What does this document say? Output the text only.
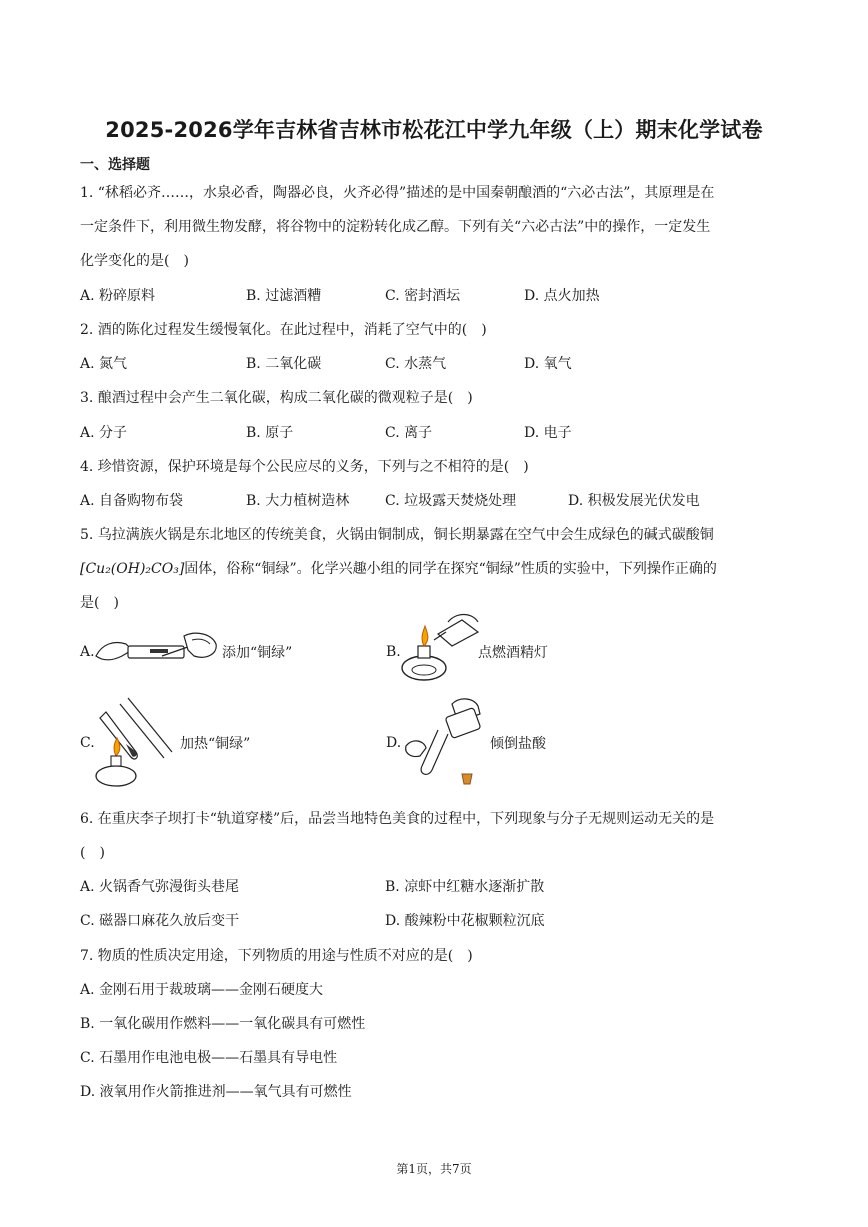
2025-2026学年吉林省吉林市松花江中学九年级（上）期末化学试卷
一、选择题
1. “秫稻必齐……，水泉必香，陶器必良，火齐必得”描述的是中国秦朝酿酒的“六必古法”，其原理是在
一定条件下，利用微生物发酵，将谷物中的淀粉转化成乙醇。下列有关“六必古法”中的操作，一定发生
化学变化的是(　)
A. 粉碎原料	B. 过滤酒糟	C. 密封酒坛	D. 点火加热
2. 酒的陈化过程发生缓慢氧化。在此过程中，消耗了空气中的(　)
A. 氮气	B. 二氧化碳	C. 水蒸气	D. 氧气
3. 酿酒过程中会产生二氧化碳，构成二氧化碳的微观粒子是(　)
A. 分子	B. 原子	C. 离子	D. 电子
4. 珍惜资源，保护环境是每个公民应尽的义务，下列与之不相符的是(　)
A. 自备购物布袋	B. 大力植树造林	C. 垃圾露天焚烧处理	D. 积极发展光伏发电
5. 乌拉满族火锅是东北地区的传统美食，火锅由铜制成，铜长期暴露在空气中会生成绿色的碱式碳酸铜
[Cu₂(OH)₂CO₃]固体，俗称“铜绿”。化学兴趣小组的同学在探究“铜绿”性质的实验中，下列操作正确的
是(　)
A.	添加“铜绿”	B.	点燃酒精灯
C.	加热“铜绿”	D.	倾倒盐酸
6. 在重庆李子坝打卡“轨道穿楼”后，品尝当地特色美食的过程中，下列现象与分子无规则运动无关的是
(　)
A. 火锅香气弥漫街头巷尾	B. 凉虾中红糖水逐渐扩散
C. 磁器口麻花久放后变干	D. 酸辣粉中花椒颗粒沉底
7. 物质的性质决定用途，下列物质的用途与性质不对应的是(　)
A. 金刚石用于裁玻璃——金刚石硬度大
B. 一氧化碳用作燃料——一氧化碳具有可燃性
C. 石墨用作电池电极——石墨具有导电性
D. 液氧用作火箭推进剂——氧气具有可燃性
第1页，共7页
